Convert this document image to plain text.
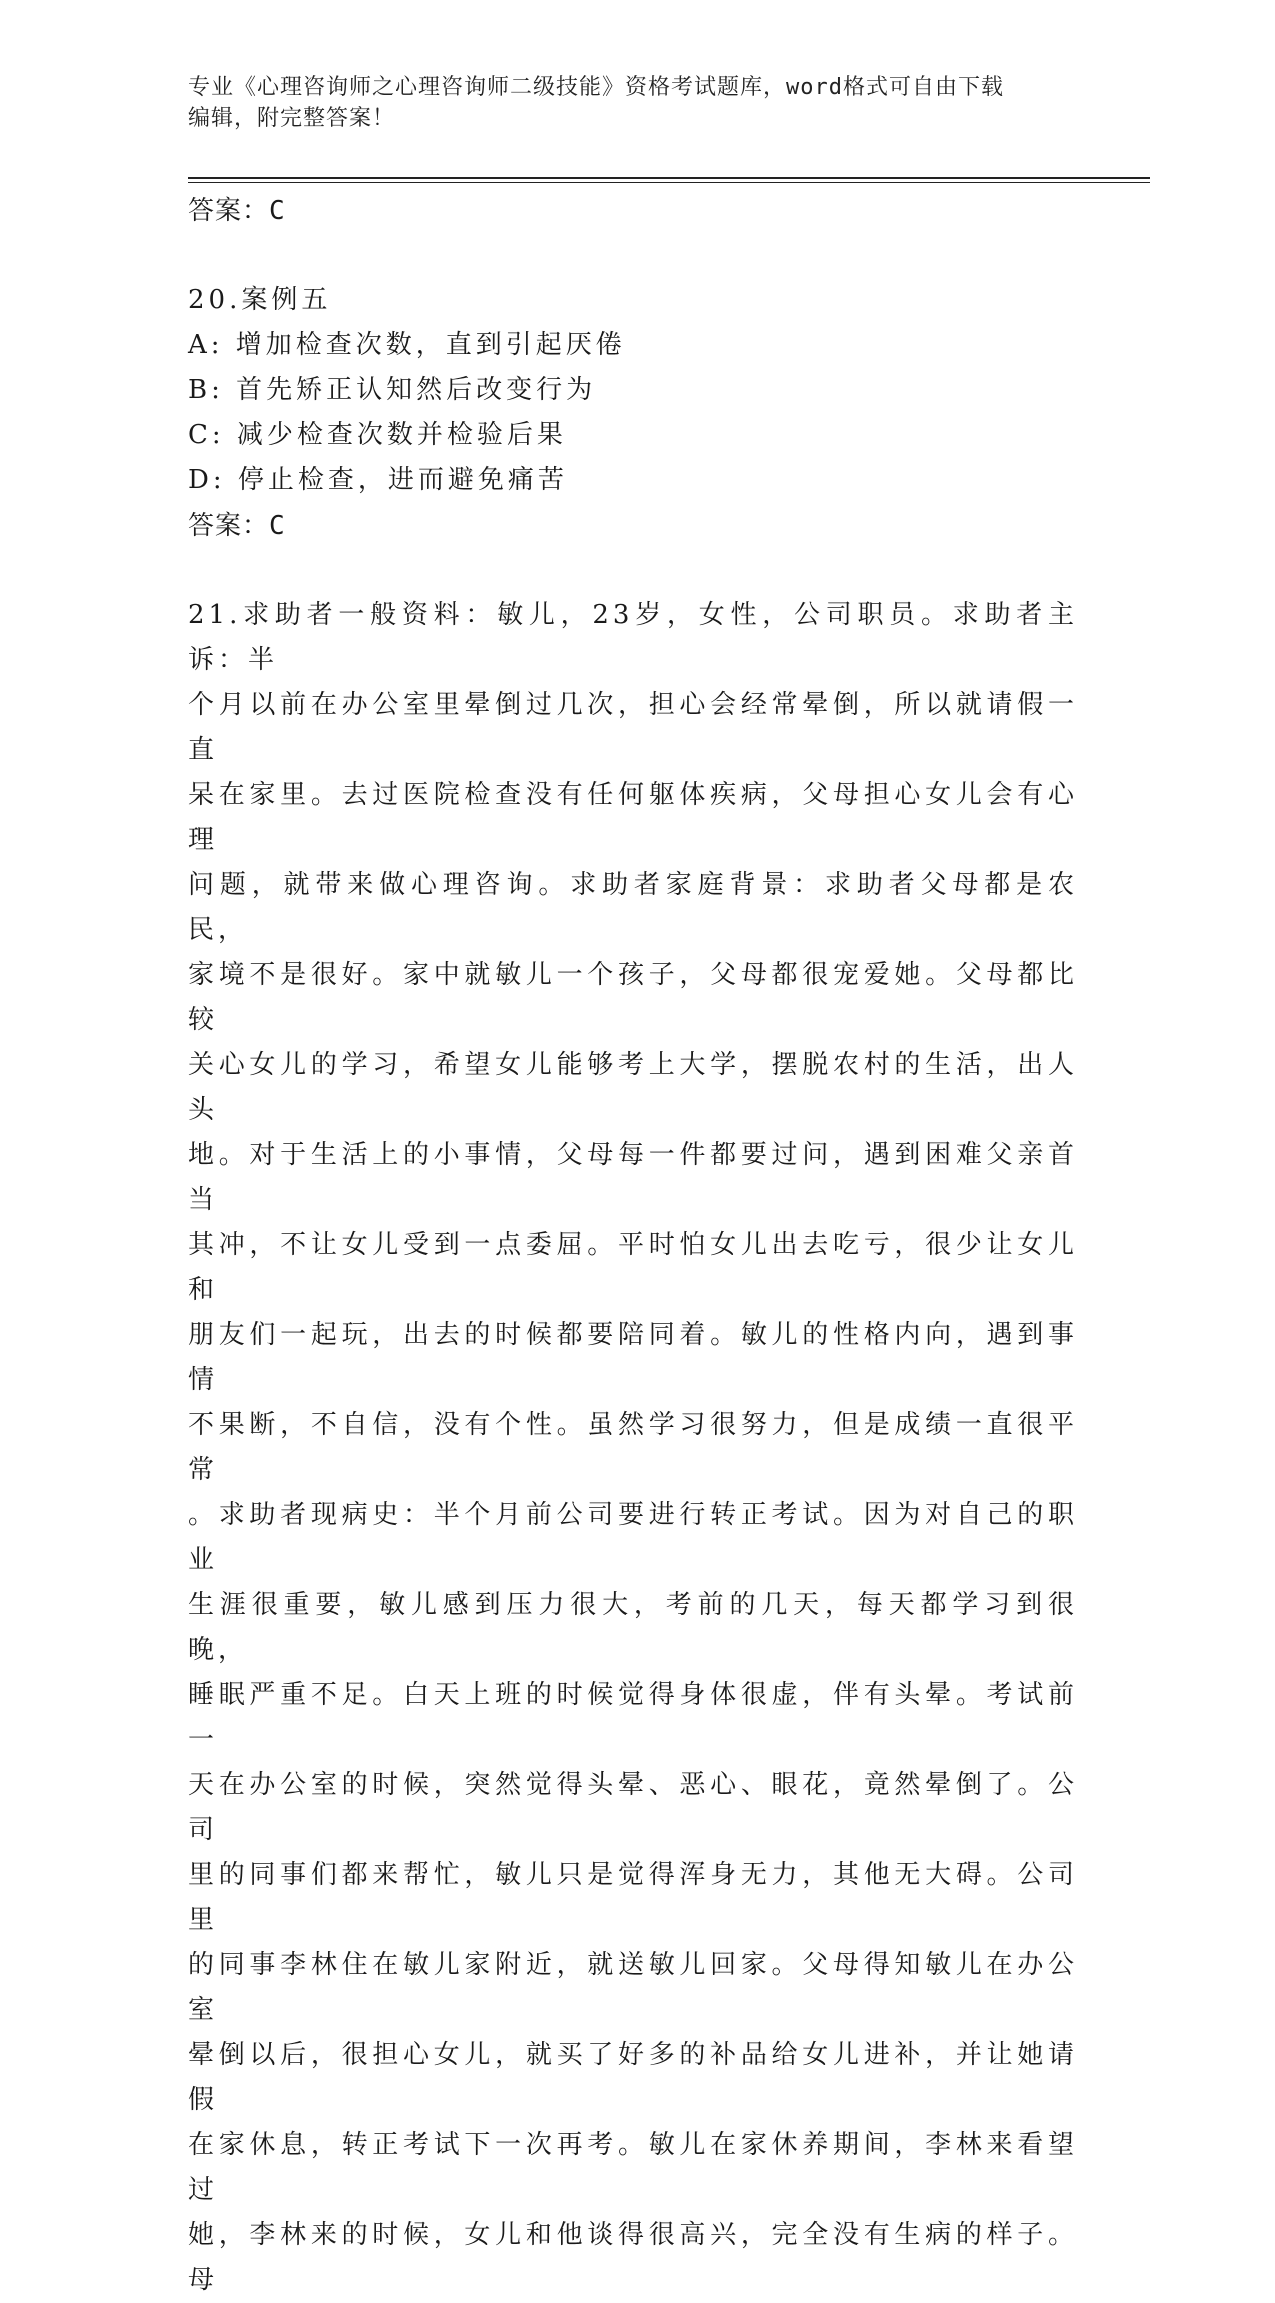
专业《心理咨询师之心理咨询师二级技能》资格考试题库，word格式可自由下载
编辑，附完整答案！
答案：C
20.案例五
A: 增加检查次数，直到引起厌倦
B: 首先矫正认知然后改变行为
C: 减少检查次数并检验后果
D: 停止检查，进而避免痛苦
答案：C
21.求助者一般资料：敏儿，23岁，女性，公司职员。求助者主诉：半
个月以前在办公室里晕倒过几次，担心会经常晕倒，所以就请假一直
呆在家里。去过医院检查没有任何躯体疾病，父母担心女儿会有心理
问题，就带来做心理咨询。求助者家庭背景：求助者父母都是农民，
家境不是很好。家中就敏儿一个孩子，父母都很宠爱她。父母都比较
关心女儿的学习，希望女儿能够考上大学，摆脱农村的生活，出人头
地。对于生活上的小事情，父母每一件都要过问，遇到困难父亲首当
其冲，不让女儿受到一点委屈。平时怕女儿出去吃亏，很少让女儿和
朋友们一起玩，出去的时候都要陪同着。敏儿的性格内向，遇到事情
不果断，不自信，没有个性。虽然学习很努力，但是成绩一直很平常
。求助者现病史：半个月前公司要进行转正考试。因为对自己的职业
生涯很重要，敏儿感到压力很大，考前的几天，每天都学习到很晚，
睡眠严重不足。白天上班的时候觉得身体很虚，伴有头晕。考试前一
天在办公室的时候，突然觉得头晕、恶心、眼花，竟然晕倒了。公司
里的同事们都来帮忙，敏儿只是觉得浑身无力，其他无大碍。公司里
的同事李林住在敏儿家附近，就送敏儿回家。父母得知敏儿在办公室
晕倒以后，很担心女儿，就买了好多的补品给女儿进补，并让她请假
在家休息，转正考试下一次再考。敏儿在家休养期间，李林来看望过
她，李林来的时候，女儿和他谈得很高兴，完全没有生病的样子。母
